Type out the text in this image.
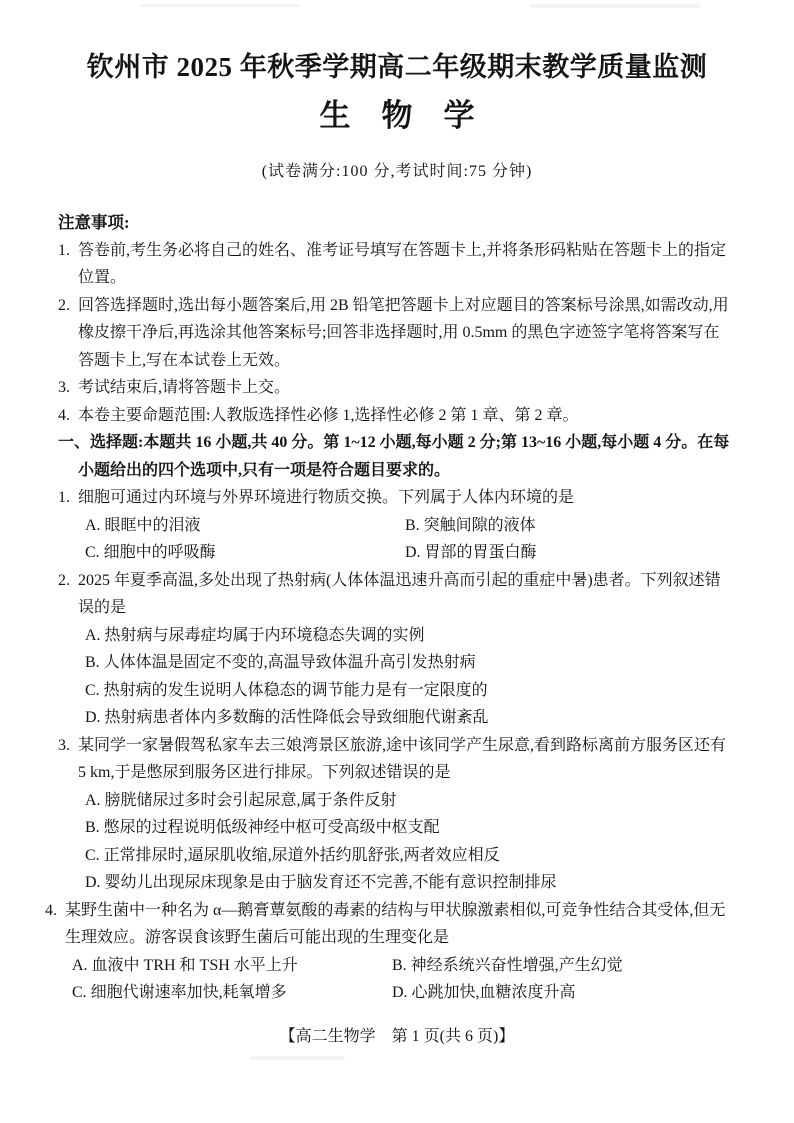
钦州市 2025 年秋季学期高二年级期末教学质量监测
生　物　学
(试卷满分:100 分,考试时间:75 分钟)
注意事项:
1. 答卷前,考生务必将自己的姓名、准考证号填写在答题卡上,并将条形码粘贴在答题卡上的指定位置。
2. 回答选择题时,选出每小题答案后,用 2B 铅笔把答题卡上对应题目的答案标号涂黑,如需改动,用橡皮擦干净后,再选涂其他答案标号;回答非选择题时,用 0.5mm 的黑色字迹签字笔将答案写在答题卡上,写在本试卷上无效。
3. 考试结束后,请将答题卡上交。
4. 本卷主要命题范围:人教版选择性必修 1,选择性必修 2 第 1 章、第 2 章。
一、选择题:本题共 16 小题,共 40 分。第 1~12 小题,每小题 2 分;第 13~16 小题,每小题 4 分。在每小题给出的四个选项中,只有一项是符合题目要求的。
1. 细胞可通过内环境与外界环境进行物质交换。下列属于人体内环境的是
A. 眼眶中的泪液	B. 突触间隙的液体
C. 细胞中的呼吸酶	D. 胃部的胃蛋白酶
2. 2025 年夏季高温,多处出现了热射病(人体体温迅速升高而引起的重症中暑)患者。下列叙述错误的是
A. 热射病与尿毒症均属于内环境稳态失调的实例
B. 人体体温是固定不变的,高温导致体温升高引发热射病
C. 热射病的发生说明人体稳态的调节能力是有一定限度的
D. 热射病患者体内多数酶的活性降低会导致细胞代谢紊乱
3. 某同学一家暑假驾私家车去三娘湾景区旅游,途中该同学产生尿意,看到路标离前方服务区还有 5 km,于是憋尿到服务区进行排尿。下列叙述错误的是
A. 膀胱储尿过多时会引起尿意,属于条件反射
B. 憋尿的过程说明低级神经中枢可受高级中枢支配
C. 正常排尿时,逼尿肌收缩,尿道外括约肌舒张,两者效应相反
D. 婴幼儿出现尿床现象是由于脑发育还不完善,不能有意识控制排尿
4. 某野生菌中一种名为 α—鹅膏蕈氨酸的毒素的结构与甲状腺激素相似,可竞争性结合其受体,但无生理效应。游客误食该野生菌后可能出现的生理变化是
A. 血液中 TRH 和 TSH 水平上升	B. 神经系统兴奋性增强,产生幻觉
C. 细胞代谢速率加快,耗氧增多	D. 心跳加快,血糖浓度升高
【高二生物学　第 1 页(共 6 页)】
